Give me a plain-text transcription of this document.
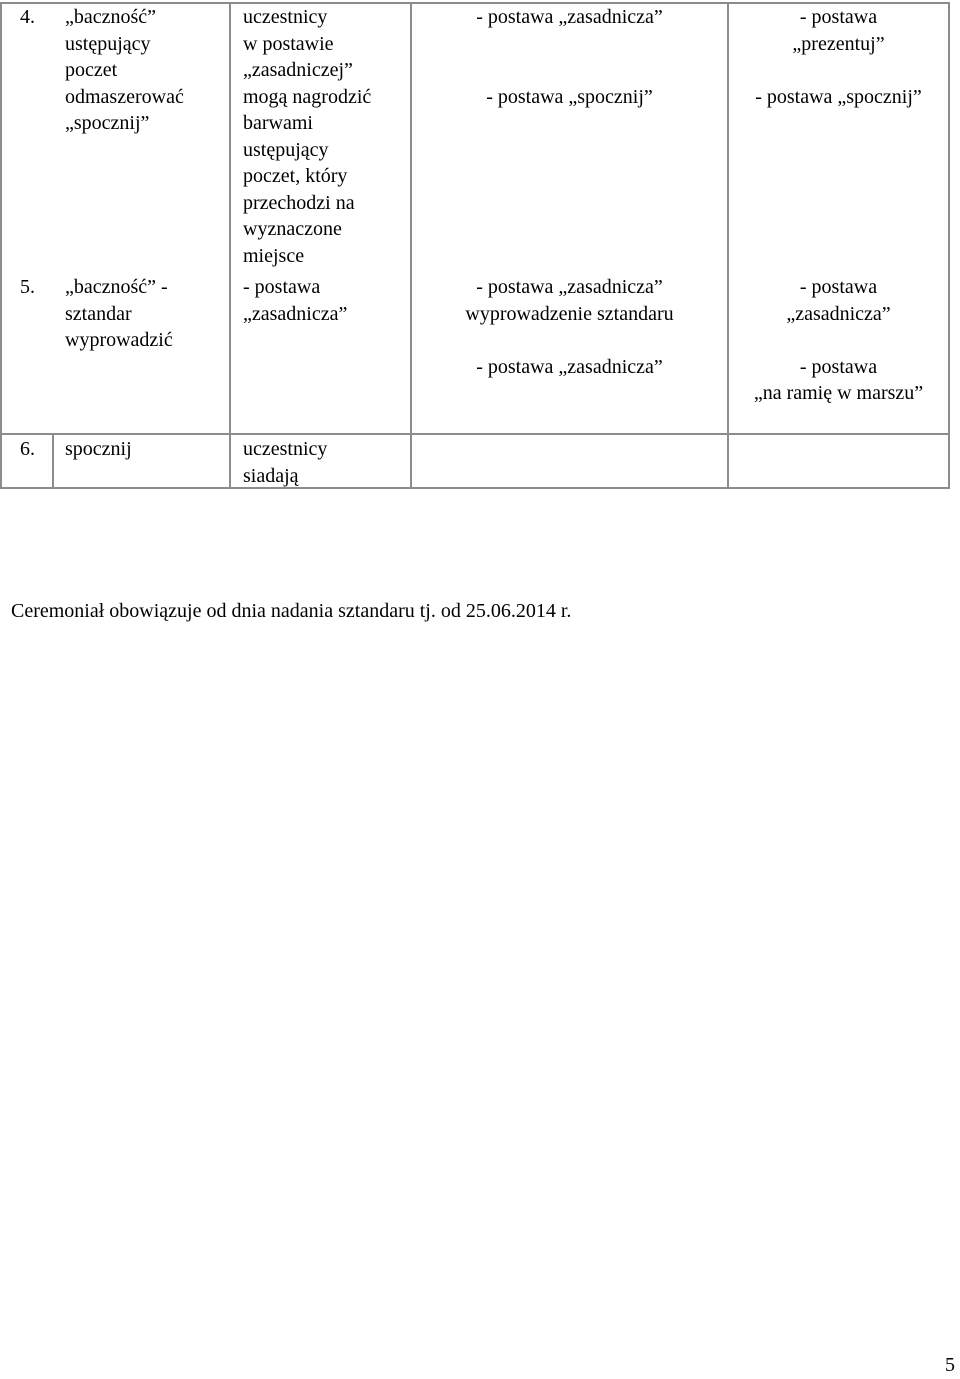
4. „baczność”
ustępujący
poczet
odmaszerować
„spocznij”
uczestnicy
w postawie
„zasadniczej”
mogą nagrodzić
barwami
ustępujący
poczet, który
przechodzi na
wyznaczone
miejsce
- postawa „zasadnicza”

- postawa „spocznij”
- postawa
„prezentuj”

- postawa „spocznij”
5. „baczność” -
sztandar
wyprowadzić
- postawa
„zasadnicza”
- postawa „zasadnicza”
wyprowadzenie sztandaru

- postawa „zasadnicza”
- postawa
„zasadnicza”

- postawa
„na ramię w marszu”
6. spocznij	uczestnicy
siadają
Ceremoniał obowiązuje od dnia nadania sztandaru tj. od 25.06.2014 r.
5
